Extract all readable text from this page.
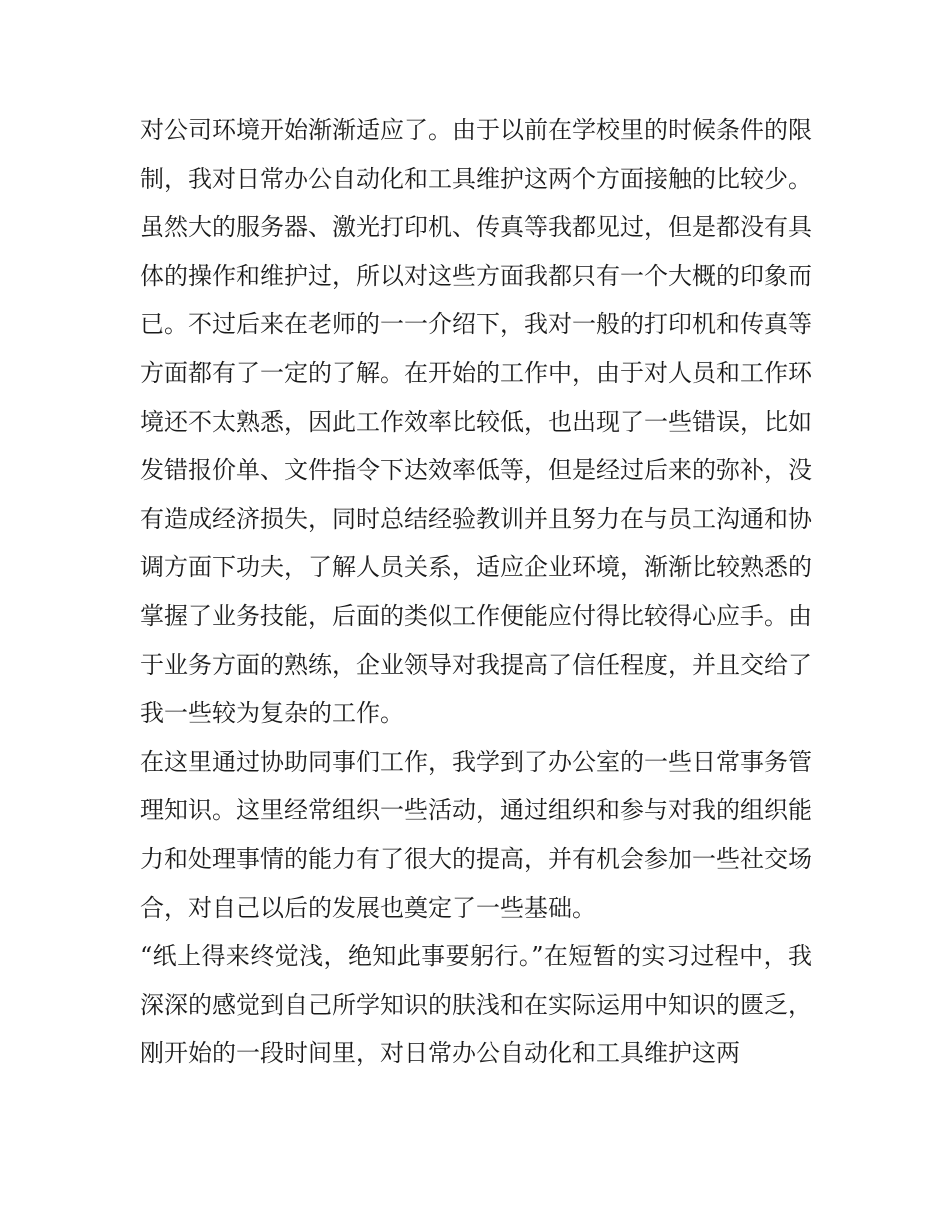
对公司环境开始渐渐适应了。由于以前在学校里的时候条件的限制，我对日常办公自动化和工具维护这两个方面接触的比较少。虽然大的服务器、激光打印机、传真等我都见过，但是都没有具体的操作和维护过，所以对这些方面我都只有一个大概的印象而已。不过后来在老师的一一介绍下，我对一般的打印机和传真等方面都有了一定的了解。在开始的工作中，由于对人员和工作环境还不太熟悉，因此工作效率比较低，也出现了一些错误，比如发错报价单、文件指令下达效率低等，但是经过后来的弥补，没有造成经济损失，同时总结经验教训并且努力在与员工沟通和协调方面下功夫，了解人员关系，适应企业环境，渐渐比较熟悉的掌握了业务技能，后面的类似工作便能应付得比较得心应手。由于业务方面的熟练，企业领导对我提高了信任程度，并且交给了我一些较为复杂的工作。

在这里通过协助同事们工作，我学到了办公室的一些日常事务管理知识。这里经常组织一些活动，通过组织和参与对我的组织能力和处理事情的能力有了很大的提高，并有机会参加一些社交场合，对自己以后的发展也奠定了一些基础。

“纸上得来终觉浅，绝知此事要躬行。”在短暂的实习过程中，我深深的感觉到自己所学知识的肤浅和在实际运用中知识的匮乏，刚开始的一段时间里，对日常办公自动化和工具维护这两
